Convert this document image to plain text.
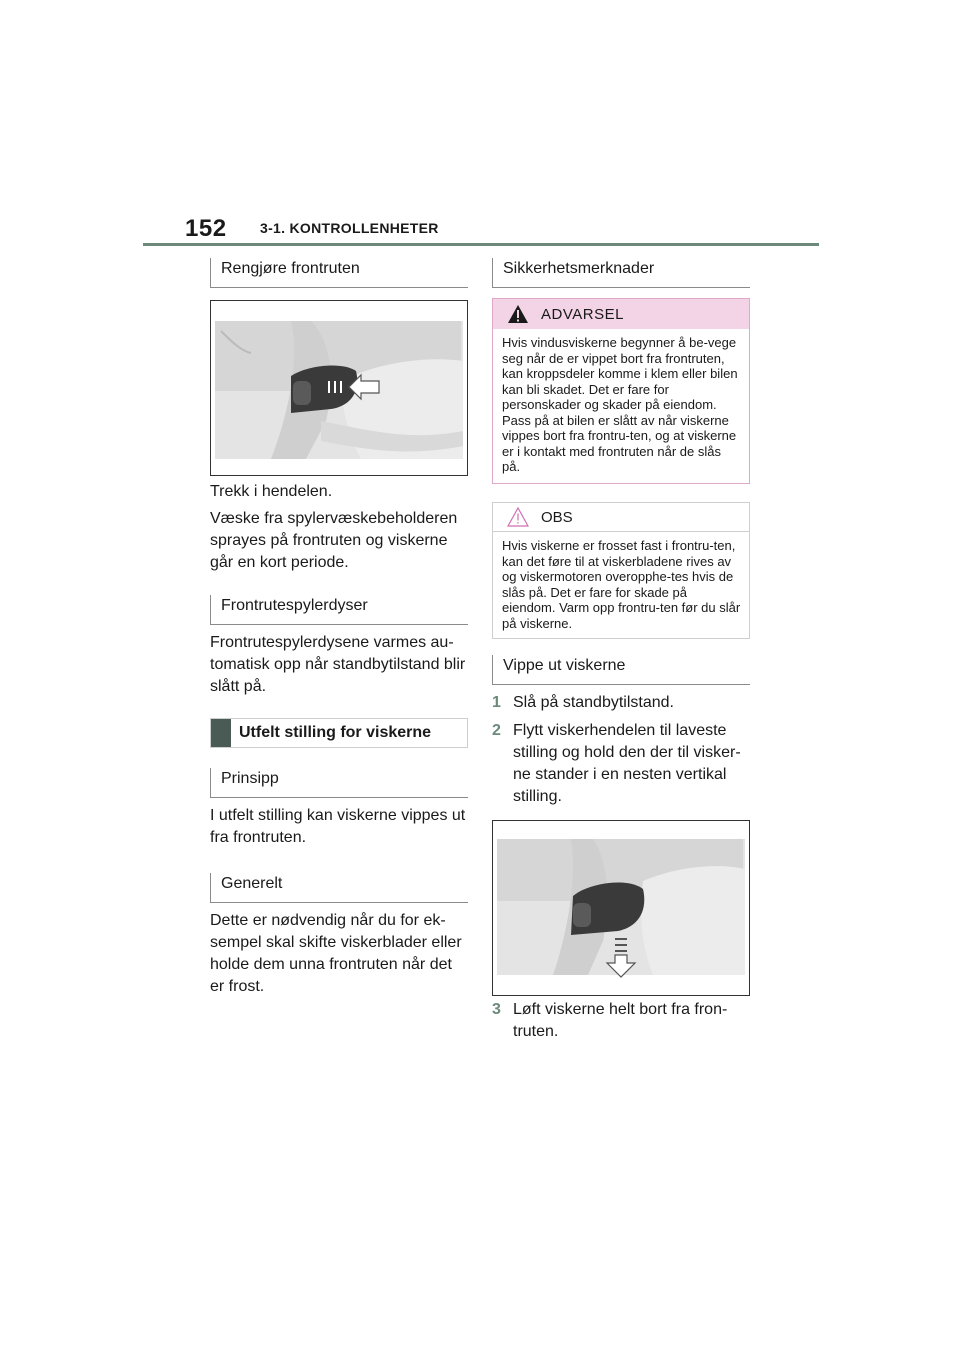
152 3-1. KONTROLLENHETER
Rengjøre frontruten
Trekk i hendelen.
Væske fra spylervæskebeholderen sprayes på frontruten og viskerne går en kort periode.
Frontrutespylerdyser
Frontrutespylerdysene varmes au-tomatisk opp når standbytilstand blir slått på.
Utfelt stilling for viskerne
Prinsipp
I utfelt stilling kan viskerne vippes ut fra frontruten.
Generelt
Dette er nødvendig når du for ek-sempel skal skifte viskerblader eller holde dem unna frontruten når det er frost.
Sikkerhetsmerknader
ADVARSEL
Hvis vindusviskerne begynner å be-vege seg når de er vippet bort fra frontruten, kan kroppsdeler komme i klem eller bilen kan bli skadet. Det er fare for personskader og skader på eiendom. Pass på at bilen er slått av når viskerne vippes bort fra frontru-ten, og at viskerne er i kontakt med frontruten når de slås på.
OBS
Hvis viskerne er frosset fast i frontru-ten, kan det føre til at viskerbladene rives av og viskermotoren overopphe-tes hvis de slås på. Det er fare for skade på eiendom. Varm opp frontru-ten før du slår på viskerne.
Vippe ut viskerne
1 Slå på standbytilstand.
2 Flytt viskerhendelen til laveste stilling og hold den der til visker-ne stander i en nesten vertikal stilling.
3 Løft viskerne helt bort fra fron-truten.
